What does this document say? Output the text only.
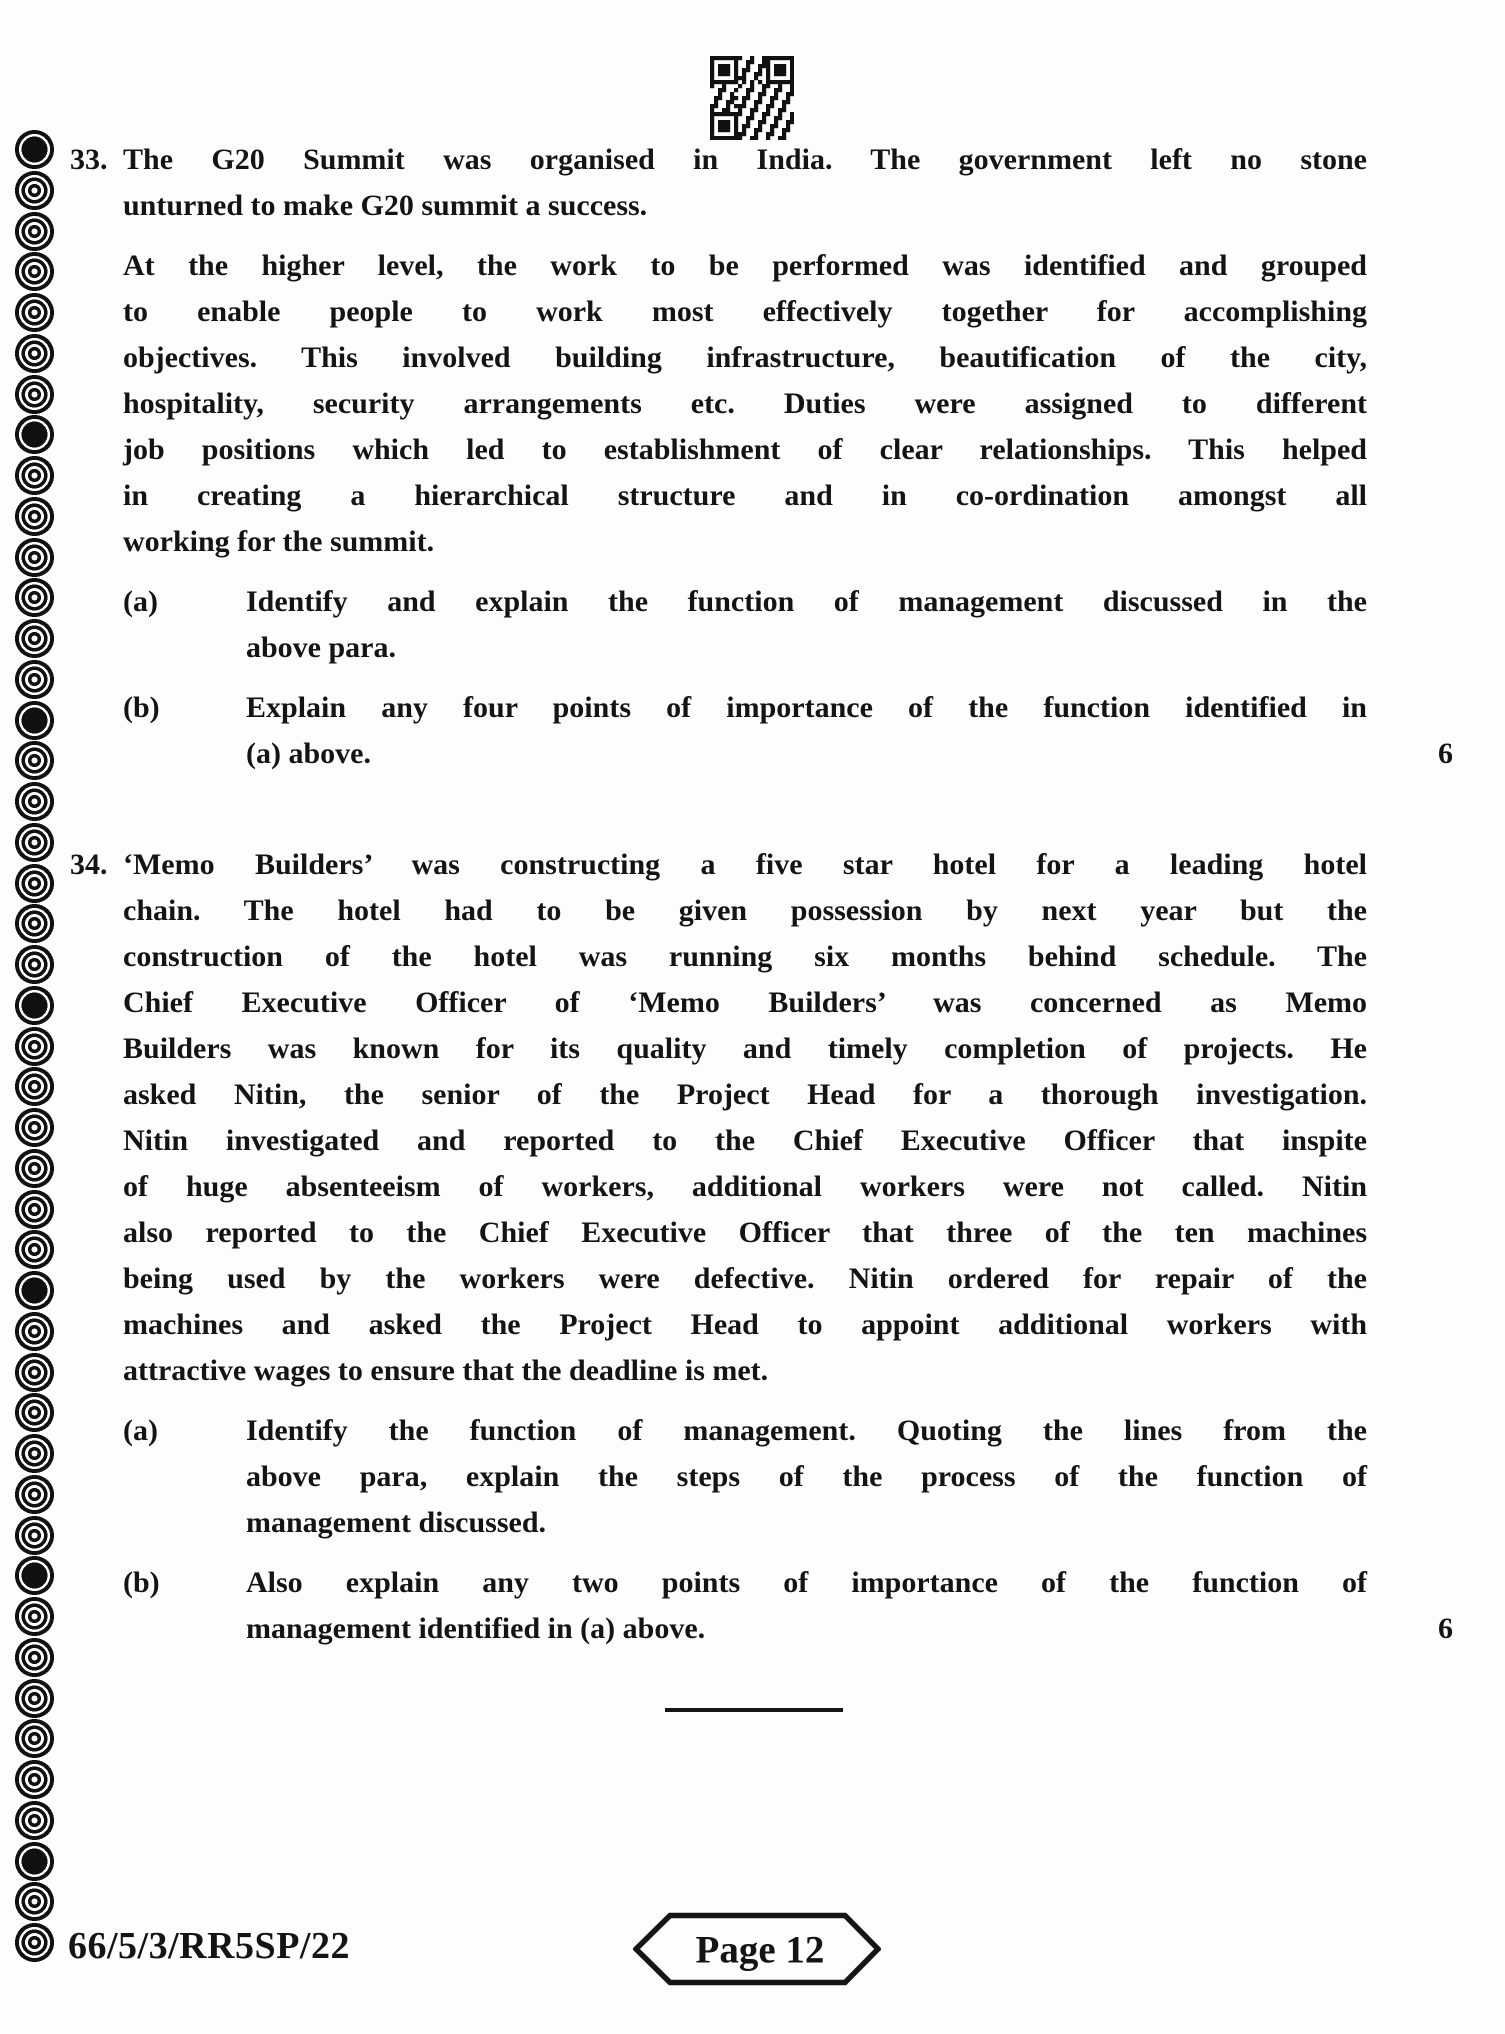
33. The G20 Summit was organised in India. The government left no stone
unturned to make G20 summit a success.

At the higher level, the work to be performed was identified and grouped
to enable people to work most effectively together for accomplishing
objectives. This involved building infrastructure, beautification of the city,
hospitality, security arrangements etc. Duties were assigned to different
job positions which led to establishment of clear relationships. This helped
in creating a hierarchical structure and in co-ordination amongst all
working for the summit.

(a)	Identify and explain the function of management discussed in the
above para.
(b)	Explain any four points of importance of the function identified in
(a) above.	6
34. ‘Memo Builders’ was constructing a five star hotel for a leading hotel
chain. The hotel had to be given possession by next year but the
construction of the hotel was running six months behind schedule. The
Chief Executive Officer of ‘Memo Builders’ was concerned as Memo
Builders was known for its quality and timely completion of projects. He
asked Nitin, the senior of the Project Head for a thorough investigation.
Nitin investigated and reported to the Chief Executive Officer that inspite
of huge absenteeism of workers, additional workers were not called. Nitin
also reported to the Chief Executive Officer that three of the ten machines
being used by the workers were defective. Nitin ordered for repair of the
machines and asked the Project Head to appoint additional workers with
attractive wages to ensure that the deadline is met.

(a)	Identify the function of management. Quoting the lines from the
above para, explain the steps of the process of the function of
management discussed.
(b)	Also explain any two points of importance of the function of
management identified in (a) above.	6
66/5/3/RR5SP/22	Page 12
